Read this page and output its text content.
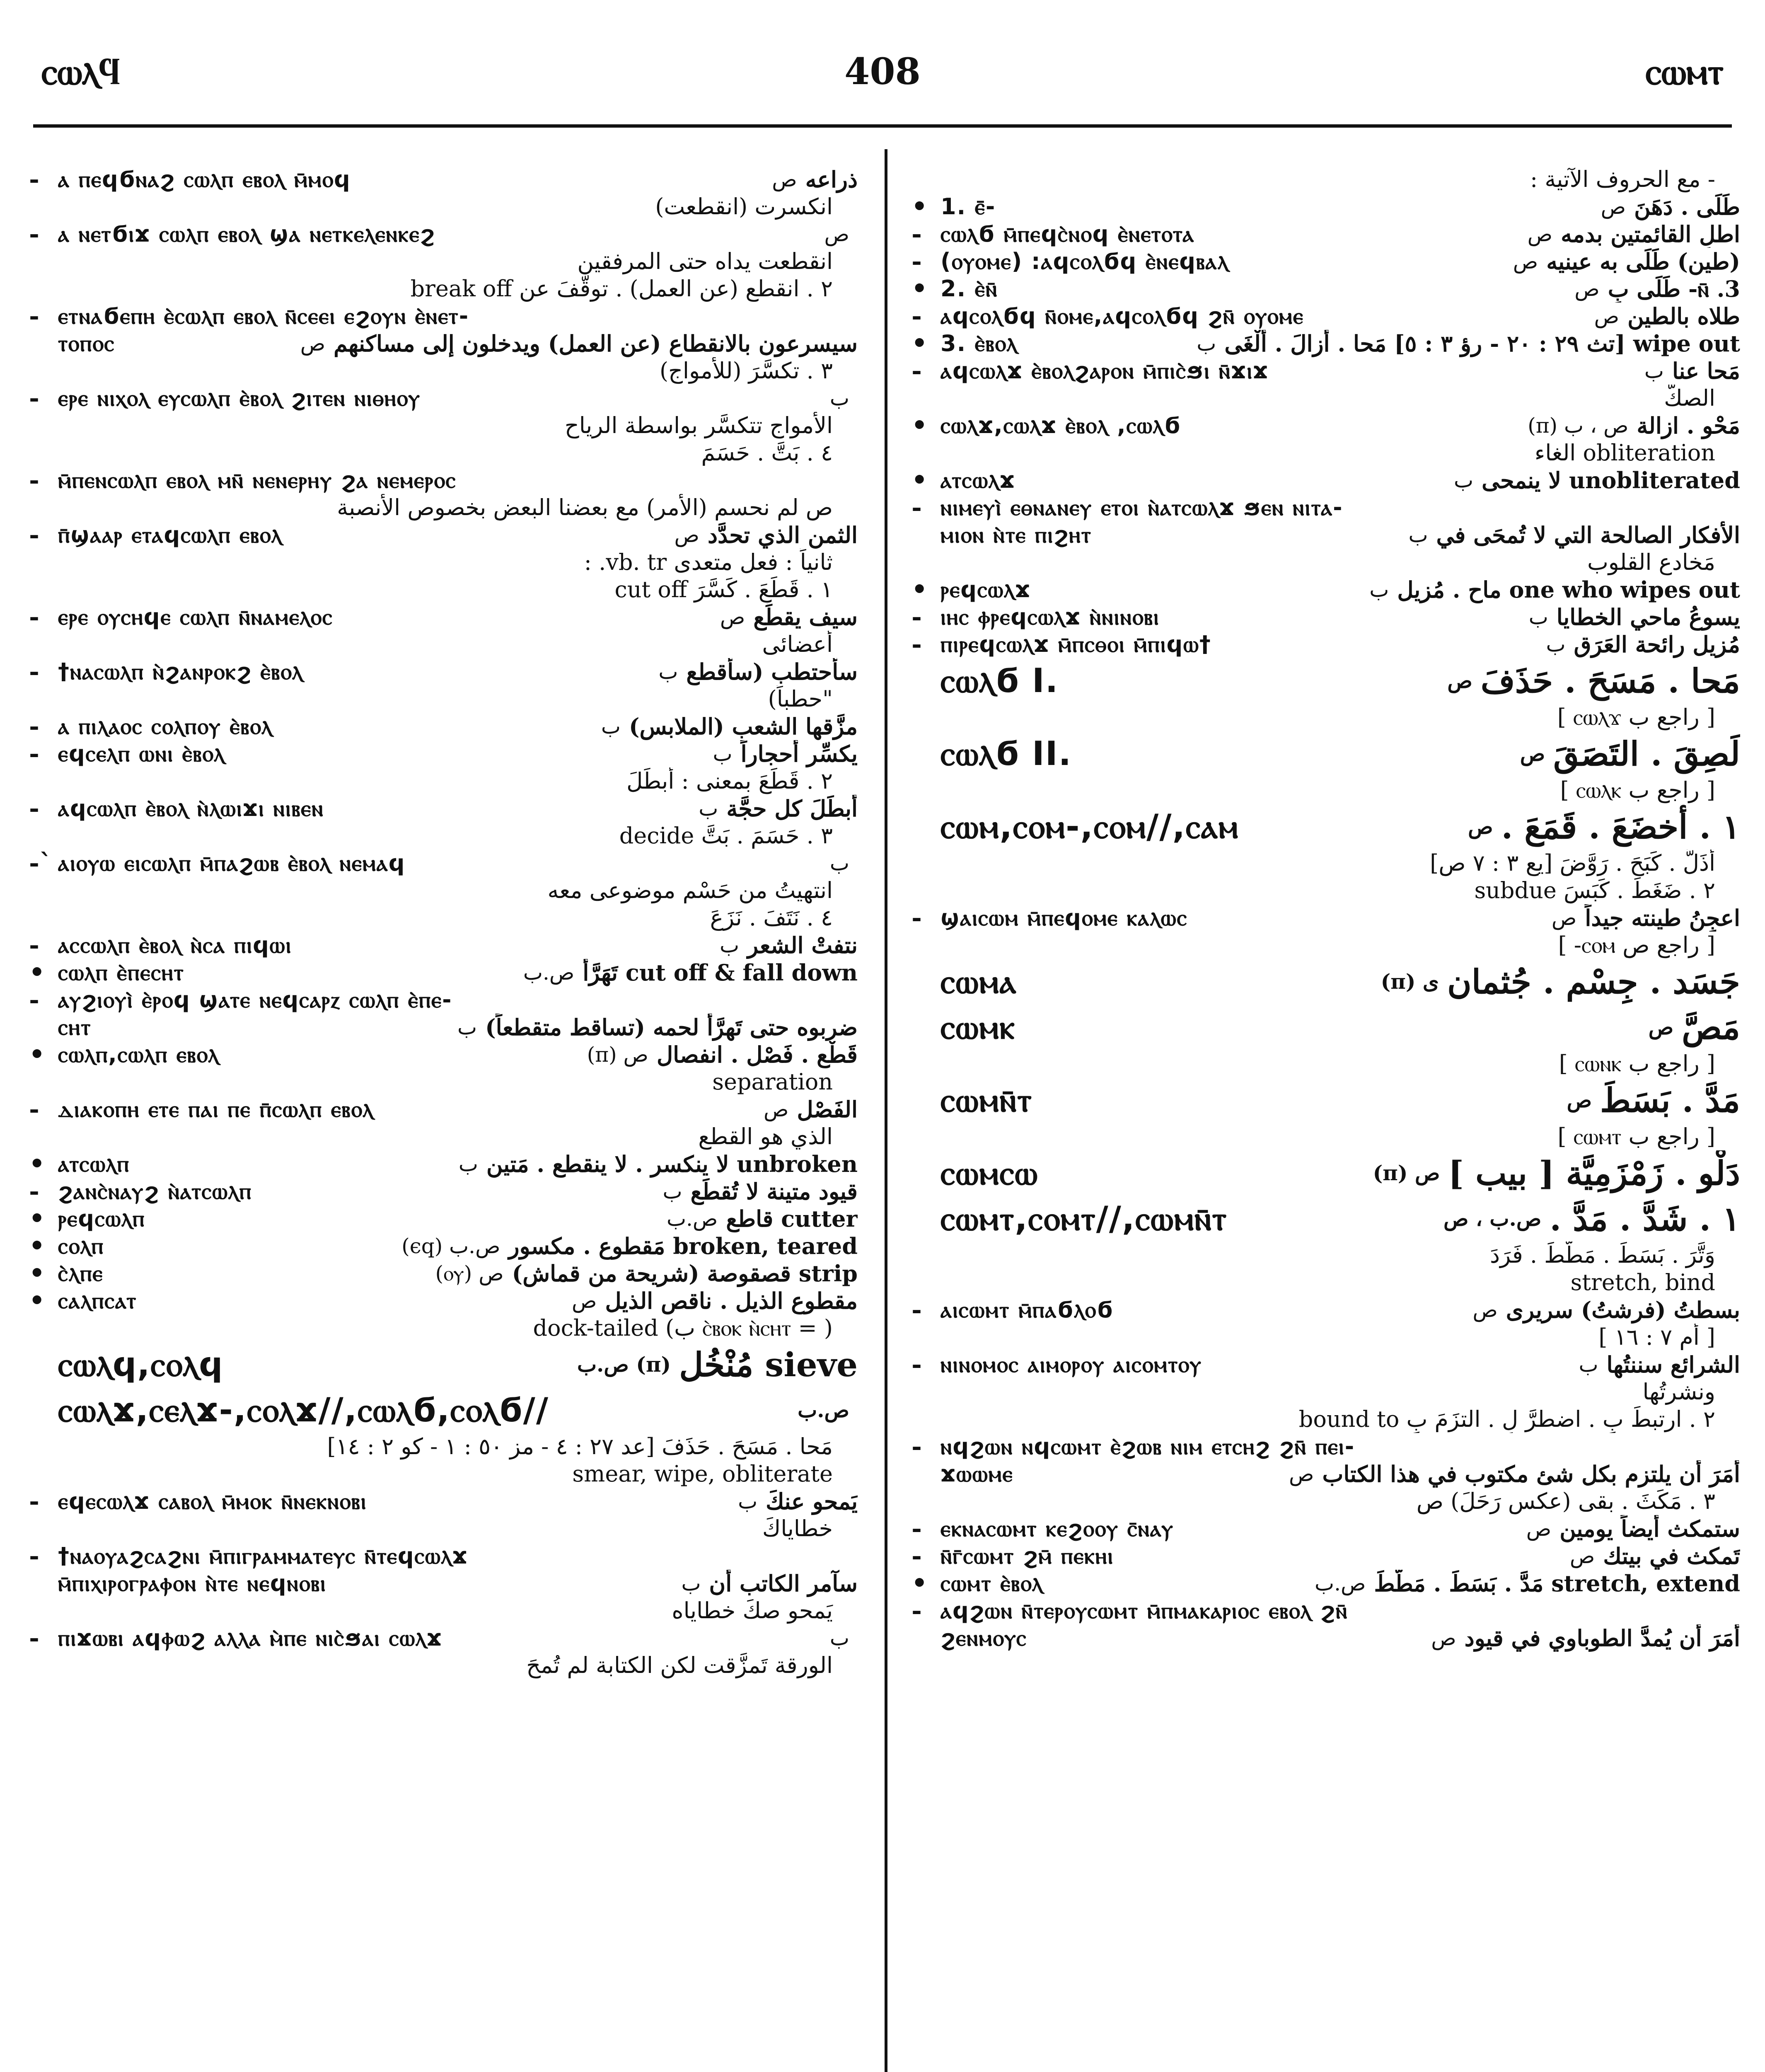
ⲥⲱⲗϥ	408	ⲥⲱⲙⲧ
- ⲁ ⲡⲉϥϭⲛⲁϩ ⲥⲱⲗⲡ ⲉⲃⲟⲗ ⲙ̄ⲙⲟϥ	ص ذراعه
انكسرت (انقطعت)
- ⲁ ⲛⲉⲧϭⲓϫ ⲥⲱⲗⲡ ⲉⲃⲟⲗ ϣⲁ ⲛⲉⲧⲕⲉⲗⲉⲛⲕⲉϩ	ص
انقطعت يداه حتى المرفقين
٢ . انقطع (عن العمل) . توقّفَ عن break off
- ⲉⲧⲛⲁϭⲉⲡⲏ ⲉ̀ⲥⲱⲗⲡ ⲉⲃⲟⲗ ⲛ̄ⲥⲉⲉⲓ ⲉϩⲟⲩⲛ ⲉ̀ⲛⲉⲧ-
ⲧⲟⲡⲟⲥ	ص سيسرعون بالانقطاع (عن العمل) ويدخلون إلى مساكنهم
٣ . تكسَّرَ (للأمواج)
- ⲉⲣⲉ ⲛⲓⲭⲟⲗ ⲉⲩⲥⲱⲗⲡ ⲉ̀ⲃⲟⲗ ϩⲓⲧⲉⲛ ⲛⲓⲑⲏⲟⲩ	ب
الأمواج تتكسَّر بواسطة الرياح
٤ . بَتَّ . حَسَمَ
- ⲙ̄ⲡⲉⲛⲥⲱⲗⲡ ⲉⲃⲟⲗ ⲙⲛ̄ ⲛⲉⲛⲉⲣⲏⲩ ϩⲁ ⲛⲉⲙⲉⲣⲟⲥ
ص لم نحسم (الأمر) مع بعضنا البعض بخصوص الأنصبة
- ⲡ̄ϣⲁⲁⲣ ⲉⲧⲁϥⲥⲱⲗⲡ ⲉⲃⲟⲗ	ص الثمن الذي تحدَّد
ثانياً : فعل متعدى vb. tr. :
١ . قَطَعَ . كَسَّرَ cut off
- ⲉⲣⲉ ⲟⲩⲥⲏϥⲉ ⲥⲱⲗⲡ ⲛ̄ⲛⲁⲙⲉⲗⲟⲥ	ص سيف يقطِّع
أعضائى
- †ⲛⲁⲥⲱⲗⲡ ⲛ̀ϩⲁⲛⲣⲟⲕϩ ⲉ̀ⲃⲟⲗ	ب سأحتطب (سأقطع
"حطباً)
- ⲁ ⲡⲓⲗⲁⲟⲥ ⲥⲟⲗⲡⲟⲩ ⲉ̀ⲃⲟⲗ	ب مزَّقها الشعب (الملابس)
- ⲉϥⲥⲉⲗⲡ ⲱⲛⲓ ⲉ̀ⲃⲟⲗ	ب يكسِّر أحجاراً
٢ . قَطَعَ بمعنى : أبطَلَ
- ⲁϥⲥⲱⲗⲡ ⲉ̀ⲃⲟⲗ ⲛ̀ⲗⲱⲓϫⲓ ⲛⲓⲃⲉⲛ	ب أبطَلَ كل حجَّة
٣ . حَسَمَ . بَتَّ decide
-` ⲁⲓⲟⲩⲱ ⲉⲓⲥⲱⲗⲡ ⲙ̄ⲡⲁϩⲱⲃ ⲉ̀ⲃⲟⲗ ⲛⲉⲙⲁϥ	ب
انتهيتُ من حَسْم موضوعى معه
٤ . نَتَفَ . نَزَعَ
- ⲁⲥⲥⲱⲗⲡ ⲉ̀ⲃⲟⲗ ⲛ̀ⲥⲁ ⲡⲓϥⲱⲓ	ب نتفتْ الشعر
• ⲥⲱⲗⲡ ⲉ̀ⲡⲉⲥⲏⲧ	ص.ب cut off & fall down تَهَرَّأَ
- ⲁⲩϩⲓⲟⲩⲓ̀ ⲉ̀ⲣⲟϥ ϣⲁⲧⲉ ⲛⲉϥⲥⲁⲣⲍ ⲥⲱⲗⲡ ⲉ̀ⲡⲉ-
ⲥⲏⲧ	ب ضربوه حتى تَهرَّأَ لحمه (تساقط متقطعاً)
• ⲥⲱⲗⲡ,ⲥⲱⲗⲡ ⲉⲃⲟⲗ	(π) ص قَطْع . فَصْل . انفصال
separation
- ⲇⲓⲁⲕⲟⲡⲏ ⲉⲧⲉ ⲡⲁⲓ ⲡⲉ ⲡ̄ⲥⲱⲗⲡ ⲉⲃⲟⲗ	ص الفَصْل
الذي هو القطع
• ⲁⲧⲥⲱⲗⲡ	ب unbroken لا ينكسر . لا ينقطع . مَتين
- ϩⲁⲛⲥ̀ⲛⲁⲩϩ ⲛ̀ⲁⲧⲥⲱⲗⲡ	ب قيود متينة لا تُقطَع
• ⲣⲉϥⲥⲱⲗⲡ	ص.ب cutter قاطع
• ⲥⲟⲗⲡ	(ϵq) ص.ب broken, teared مَقطوع . مكسور
• ⲥ̀ⲗⲡⲉ	(ⲟⲩ) ص strip قصقوصة (شريحة من قماش)
• ⲥⲁⲗⲡⲥⲁⲧ	ص مقطوع الذيل . ناقص الذيل
( = ⲥ̀ⲃⲟⲕ ⲛ̀ⲥⲏⲧ ب) dock-tailed
ⲥⲱⲗϥ,ⲥⲟⲗϥ	ص.ب (π) sieve مُنْخُل
ⲥⲱⲗϫ,ⲥⲉⲗϫ-,ⲥⲟⲗϫ//,ⲥⲱⲗϭ,ⲥⲟⲗϭ//	ص.ب
مَحا . مَسَحَ . حَذَفَ [عد ٢٧ : ٤ - مز ٥٠ : ١ - كو ٢ : ١٤]
smear, wipe, obliterate
- ⲉϥⲉⲥⲱⲗϫ ⲥⲁⲃⲟⲗ ⲙ̄ⲙⲟⲕ ⲛ̄ⲛⲉⲕⲛⲟⲃⲓ	ب يَمحو عنكَ
خطاياكَ
- †ⲛⲁⲟⲩⲁϩⲥⲁϩⲛⲓ ⲙ̄ⲡⲓⲅⲣⲁⲙⲙⲁⲧⲉⲩⲥ ⲛ̄ⲧⲉϥⲥⲱⲗϫ
ⲙ̄ⲡⲓⲭⲓⲣⲟⲅⲣⲁⲫⲟⲛ ⲛ̀ⲧⲉ ⲛⲉϥⲛⲟⲃⲓ	ب سآمر الكاتب أن
يَمحو صكَ خطاياه
- ⲡⲓϫⲱⲃⲓ ⲁϥⲫⲱϩ ⲁⲗⲗⲁ ⲙ̀ⲡⲉ ⲛⲓⲥ̀ϧⲁⲓ ⲥⲱⲗϫ	ب
الورقة تَمزَّقت لكن الكتابة لم تُمحَ
- مع الحروف الآتية :
• 1. ⲉ̄-	ص طَلَى . دَهَنَ
- ⲥⲱⲗϭ ⲙ̄ⲡⲉϥⲥ̀ⲛⲟϥ ⲉ̀ⲛⲉⲧⲟⲧⲁ	ص اطلِ القائمتين بدمه
- (ⲟⲩⲟⲙⲉ) :ⲁϥⲥⲟⲗϭϥ ⲉ̀ⲛⲉϥⲃⲁⲗ	ص (طين) طَلَى به عينيه
• 2. ⲉ̀ⲛ̄	ص 3. ⲛ̄- طَلَى بِ
- ⲁϥⲥⲟⲗϭϥ ⲛ̄ⲟⲙⲉ,ⲁϥⲥⲟⲗϭϥ ϩⲛ̄ ⲟⲩⲟⲙⲉ	ص طلاه بالطين
• 3. ⲉ̀ⲃⲟⲗ	ب wipe out [تث ٢٩ : ٢٠ - رؤ ٣ : ٥] مَحا . أزالَ . أَلْغَى
- ⲁϥⲥⲱⲗϫ ⲉ̀ⲃⲟⲗϩⲁⲣⲟⲛ ⲙ̄ⲡⲓⲥ̀ϧⲓ ⲛ̄ϫⲓϫ	ب مَحا عنا
الصكّ
• ⲥⲱⲗϫ,ⲥⲱⲗϫ ⲉ̀ⲃⲟⲗ ,ⲥⲱⲗϭ	(π) ص ، ب مَحْو . ازالة
obliteration الغاء
• ⲁⲧⲥⲱⲗϫ	ب unobliterated لا ينمحى
- ⲛⲓⲙⲉⲩⲓ̀ ⲉⲑⲛⲁⲛⲉⲩ ⲉⲧⲟⲓ ⲛ̀ⲁⲧⲥⲱⲗϫ ϧⲉⲛ ⲛⲓⲧⲁ-
ⲙⲓⲟⲛ ⲛ̀ⲧⲉ ⲡⲓϩⲏⲧ	ب الأفكار الصالحة التي لا تُمحَى في
مَخادع القلوب
• ⲣⲉϥⲥⲱⲗϫ	ب one who wipes out ماحٍ . مُزيل
- ⲓⲏⲥ ⲫⲣⲉϥⲥⲱⲗϫ ⲛ̀ⲛⲓⲛⲟⲃⲓ	ب يسوعُ ماحي الخطايا
- ⲡⲓⲣⲉϥⲥⲱⲗϫ ⲙ̄ⲡⲥⲑⲟⲓ ⲙ̄ⲡⲓϥⲱ†	ب مُزيل رائحة العَرَق
ⲥⲱⲗϭ I.	ص مَحا . مَسَحَ . حَذَفَ
[ راجع ب ⲥⲱⲗϫ ]
ⲥⲱⲗϭ II.	ص لَصِقَ . التَصَقَ
[ راجع ب ⲥⲱⲗⲕ ]
ⲥⲱⲙ,ⲥⲟⲙ-,ⲥⲟⲙ//,ⲥⲁⲙ	ص ١ . أخضَعَ . قَمَعَ .
أذَلَّ . كَبَحَ . رَوَّضَ [يع ٣ : ٧ ص]
٢ . ضَغَطَ . كَبَسَ subdue
- ϣⲁⲓⲥⲱⲙ ⲙ̄ⲡⲉϥⲟⲙⲉ ⲕⲁⲗⲱⲥ	ص اعجِنُ طينته جيداً
[ راجع ص ⲥⲟⲙ- ]
ⲥⲱⲙⲁ	(π) ى جَسَد . جِسْم . جُثمان
ⲥⲱⲙⲕ	ص مَصَّ
[ راجع ب ⲥⲱⲛⲕ ]
ⲥⲱⲙⲛ̄ⲧ	ص مَدَّ . بَسَطَ
[ راجع ب ⲥⲱⲙⲧ ]
ⲥⲱⲙⲥⲱ	(π) ص دَلْو . زَمْزَمِيَّة [ بيب ]
ⲥⲱⲙⲧ,ⲥⲟⲙⲧ//,ⲥⲱⲙⲛ̄ⲧ	ص.ب ، ص ١ . شَدَّ . مَدَّ .
وَتَّرَ . بَسَطَ . مَطَّطَ . فَرَدَ
stretch, bind
- ⲁⲓⲥⲱⲙⲧ ⲙ̄ⲡⲁϭⲗⲟϭ	ص بسطتُ (فرشتُ) سريرى
[ أم ٧ : ١٦ ]
- ⲛⲓⲛⲟⲙⲟⲥ ⲁⲓⲙⲟⲣⲟⲩ ⲁⲓⲥⲟⲙⲧⲟⲩ	ب الشرائع سننتُها
ونشرتُها
٢ . ارتبطَ بِ . اضطرَّ لِ . التزَمَ بِ bound to
- ⲛϥϩⲱⲛ ⲛϥⲥⲱⲙⲧ ⲉ̀ϩⲱⲃ ⲛⲓⲙ ⲉⲧⲥⲏϩ ϩⲛ̄ ⲡⲉⲓ-
ϫⲱⲱⲙⲉ	ص أمَرَ أن يلتزم بكل شئ مكتوب في هذا الكتاب
٣ . مَكَثَ . بقى (عكس رَحَلَ) ص
- ⲉⲕⲛⲁⲥⲱⲙⲧ ⲕⲉϩⲟⲟⲩ ⲥ̄ⲛⲁⲩ	ص ستمكث أيضاً يومين
- ⲛ̄ⲅ̄ⲥⲱⲙⲧ ϩⲙ̄ ⲡⲉⲕⲏⲓ	ص تَمكث في بيتك
• ⲥⲱⲙⲧ ⲉ̀ⲃⲟⲗ	ص.ب stretch, extend مَدَّ . بَسَطَ . مَطَّطَ
- ⲁϥϩⲱⲛ ⲛ̄ⲧⲉⲣⲟⲩⲥⲱⲙⲧ ⲙ̄ⲡⲙⲁⲕⲁⲣⲓⲟⲥ ⲉⲃⲟⲗ ϩⲛ̄
ϩⲉⲛⲙⲟⲩⲥ	ص أمَرَ أن يُمدَّ الطوباوي في قيود
